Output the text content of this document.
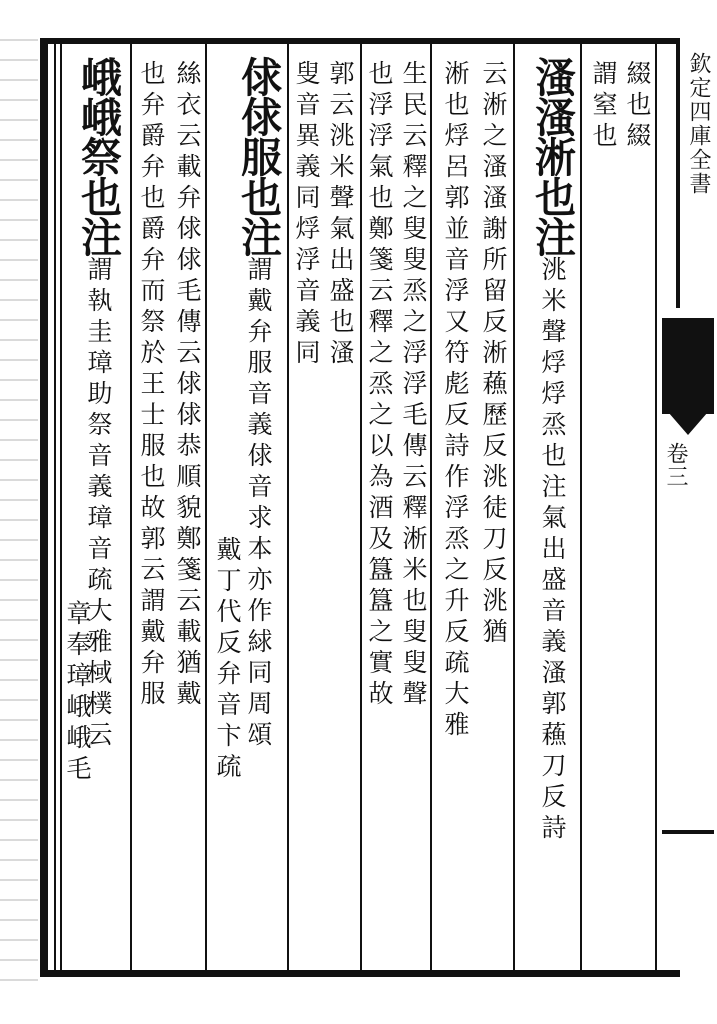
欽定四庫全書
卷三
綴也綴
謂窒也
溞溞淅也注洮米聲烰烰烝也注氣出盛音義溞郭蘓刀反詩
云淅之溞溞謝所留反淅蘓歷反洮徒刀反洮猶
淅也烰呂郭並音浮又符彪反詩作浮烝之升反疏大雅
生民云釋之叟叟烝之浮浮毛傳云釋淅米也叟叟聲
也浮浮氣也鄭箋云釋之烝之以為酒及簋簋之實故
郭云洮米聲氣出盛也溞
叟音異義同烰浮音義同
俅俅服也注謂戴弁服音義俅音求本亦作絿同周頌
戴丁代反弁音卞疏
絲衣云載弁俅俅毛傳云俅俅恭順貌鄭箋云載猶戴
也弁爵弁也爵弁而祭於王士服也故郭云謂戴弁服
峨峨祭也注謂執圭璋助祭音義璋音疏大雅棫樸云
章奉璋峨峨毛
